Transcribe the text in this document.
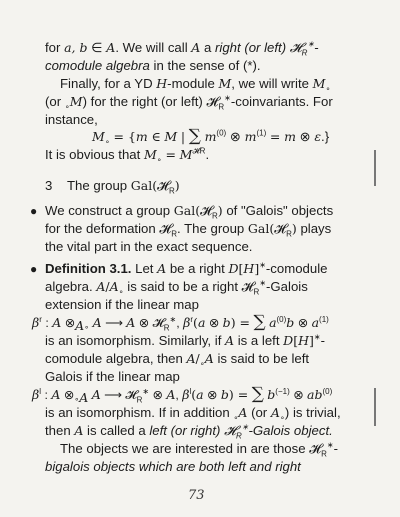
for a, b ∈ A. We will call A a right (or left) 𝓗$_R$∗-
comodule algebra in the sense of (*).
Finally, for a YD H-module M, we will write $M_\circ$
(or $_\circ$M) for the right (or left) 𝓗$_R$∗-coinvariants. For
instance,
$M_\circ = \{m$ ∈ M | ∑ $m^{(0)}$ ⊗ $m^{(1)} = m$ ⊗ ε.}
It is obvious that $M_\circ = M^{𝓗R}$.
3    The group Gal(𝓗$_R$)
● We construct a group Gal(𝓗$_R$) of "Galois" objects
for the deformation 𝓗$_R$. The group Gal(𝓗$_R$) plays
the vital part in the exact sequence.
● Definition 3.1. Let A be a right D[H]∗-comodule
algebra. $A/A_\circ$ is said to be a right 𝓗$_R$∗-Galois
extension if the linear map
$\beta^r$ : A $\otimes_{A\circ}$ A ⟶ A ⊗ 𝓗$_R$∗, $\beta^r(a$ ⊗ b) = ∑ $a^{(0)}b$ ⊗ $a^{(1)}$
is an isomorphism. Similarly, if A is a left D[H]∗-
comodule algebra, then $A/_\circ A$ is said to be left
Galois if the linear map
$\beta^l$ : A $\otimes_{\circ A}$ A ⟶ 𝓗$_R$∗ ⊗ A, $\beta^l(a$ ⊗ b) = ∑ $b^{(-1)}$ ⊗ $ab^{(0)}$
is an isomorphism. If in addition $_\circ$A (or $A_\circ$) is trivial,
then A is called a left (or right) 𝓗$_R$∗-Galois object.
The objects we are interested in are those 𝓗$_R$∗-
bigalois objects which are both left and right
73
